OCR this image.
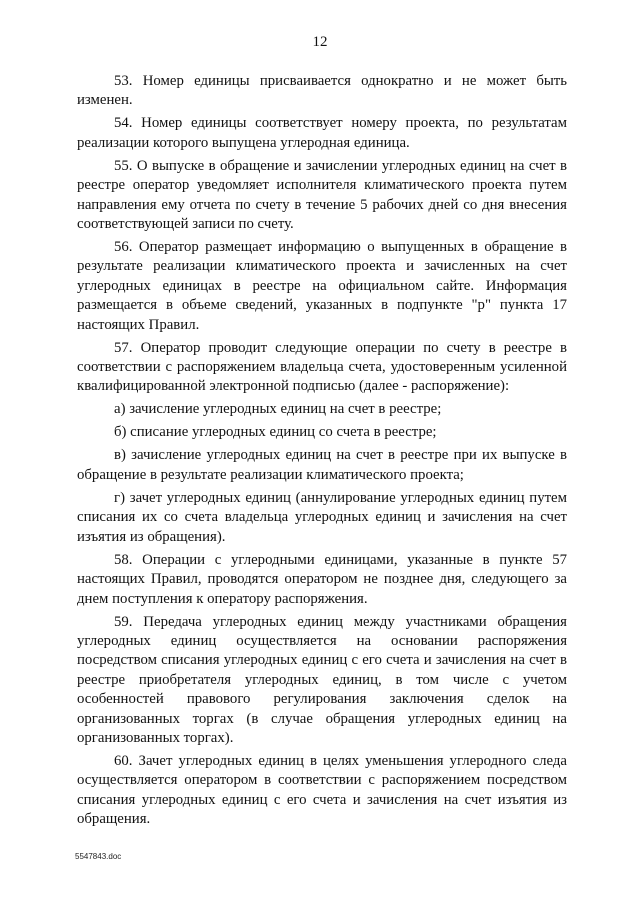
12

53. Номер единицы присваивается однократно и не может быть изменен.

54. Номер единицы соответствует номеру проекта, по результатам реализации которого выпущена углеродная единица.

55. О выпуске в обращение и зачислении углеродных единиц на счет в реестре оператор уведомляет исполнителя климатического проекта путем направления ему отчета по счету в течение 5 рабочих дней со дня внесения соответствующей записи по счету.

56. Оператор размещает информацию о выпущенных в обращение в результате реализации климатического проекта и зачисленных на счет углеродных единицах в реестре на официальном сайте. Информация размещается в объеме сведений, указанных в подпункте "р" пункта 17 настоящих Правил.

57. Оператор проводит следующие операции по счету в реестре в соответствии с распоряжением владельца счета, удостоверенным усиленной квалифицированной электронной подписью (далее - распоряжение):

а) зачисление углеродных единиц на счет в реестре;

б) списание углеродных единиц со счета в реестре;

в) зачисление углеродных единиц на счет в реестре при их выпуске в обращение в результате реализации климатического проекта;

г) зачет углеродных единиц (аннулирование углеродных единиц путем списания их со счета владельца углеродных единиц и зачисления на счет изъятия из обращения).

58. Операции с углеродными единицами, указанные в пункте 57 настоящих Правил, проводятся оператором не позднее дня, следующего за днем поступления к оператору распоряжения.

59. Передача углеродных единиц между участниками обращения углеродных единиц осуществляется на основании распоряжения посредством списания углеродных единиц с его счета и зачисления на счет в реестре приобретателя углеродных единиц, в том числе с учетом особенностей правового регулирования заключения сделок на организованных торгах (в случае обращения углеродных единиц на организованных торгах).

60. Зачет углеродных единиц в целях уменьшения углеродного следа осуществляется оператором в соответствии с распоряжением посредством списания углеродных единиц с его счета и зачисления на счет изъятия из обращения.

5547843.doc
